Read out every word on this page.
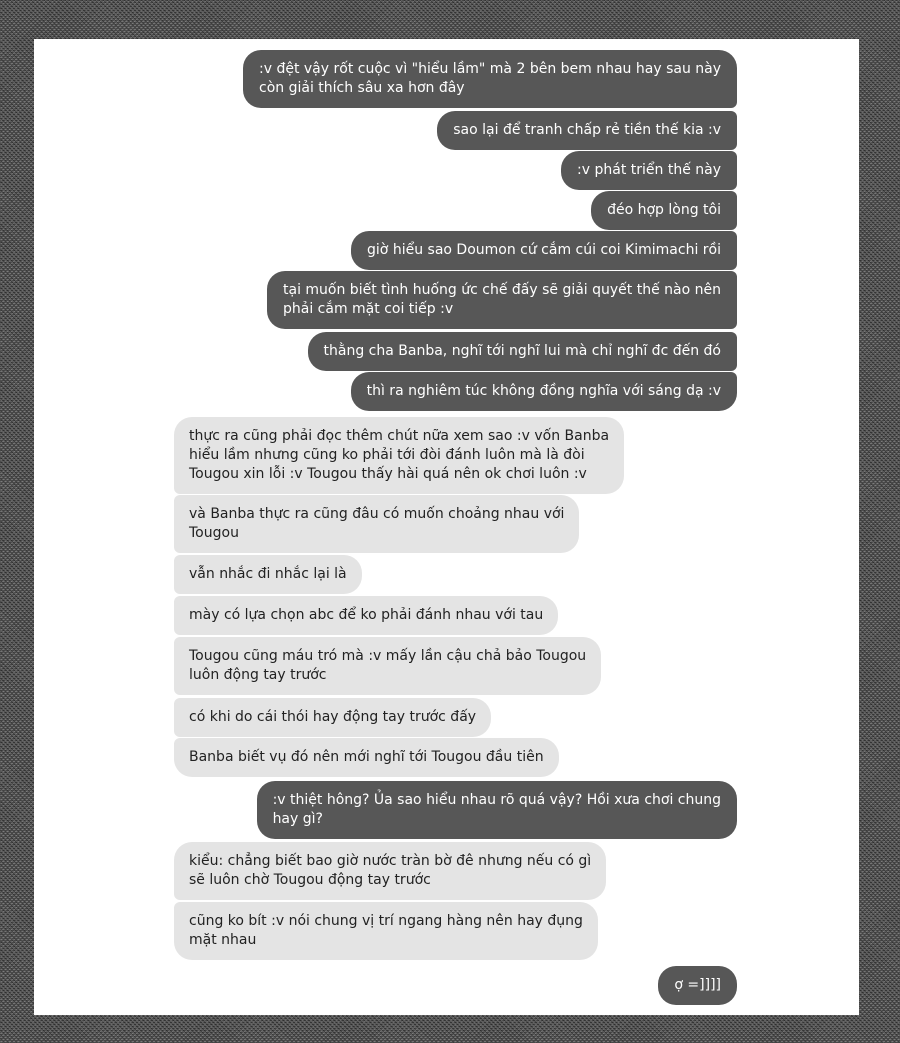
:v đệt vậy rốt cuộc vì "hiểu lầm" mà 2 bên bem nhau hay sau này
còn giải thích sâu xa hơn đây
sao lại để tranh chấp rẻ tiền thế kia :v
:v phát triển thế này
đéo hợp lòng tôi
giờ hiểu sao Doumon cứ cắm cúi coi Kimimachi rồi
tại muốn biết tình huống ức chế đấy sẽ giải quyết thế nào nên
phải cắm mặt coi tiếp :v
thằng cha Banba, nghĩ tới nghĩ lui mà chỉ nghĩ đc đến đó
thì ra nghiêm túc không đồng nghĩa với sáng dạ :v
thực ra cũng phải đọc thêm chút nữa xem sao :v vốn Banba
hiểu lầm nhưng cũng ko phải tới đòi đánh luôn mà là đòi
Tougou xin lỗi :v Tougou thấy hài quá nên ok chơi luôn :v
và Banba thực ra cũng đâu có muốn choảng nhau với
Tougou
vẫn nhắc đi nhắc lại là
mày có lựa chọn abc để ko phải đánh nhau với tau
Tougou cũng máu tró mà :v mấy lần cậu chả bảo Tougou
luôn động tay trước
có khi do cái thói hay động tay trước đấy
Banba biết vụ đó nên mới nghĩ tới Tougou đầu tiên
:v thiệt hông? Ủa sao hiểu nhau rõ quá vậy? Hồi xưa chơi chung
hay gì?
kiểu: chẳng biết bao giờ nước tràn bờ đê nhưng nếu có gì
sẽ luôn chờ Tougou động tay trước
cũng ko bít :v nói chung vị trí ngang hàng nên hay đụng
mặt nhau
ợ =]]]]
